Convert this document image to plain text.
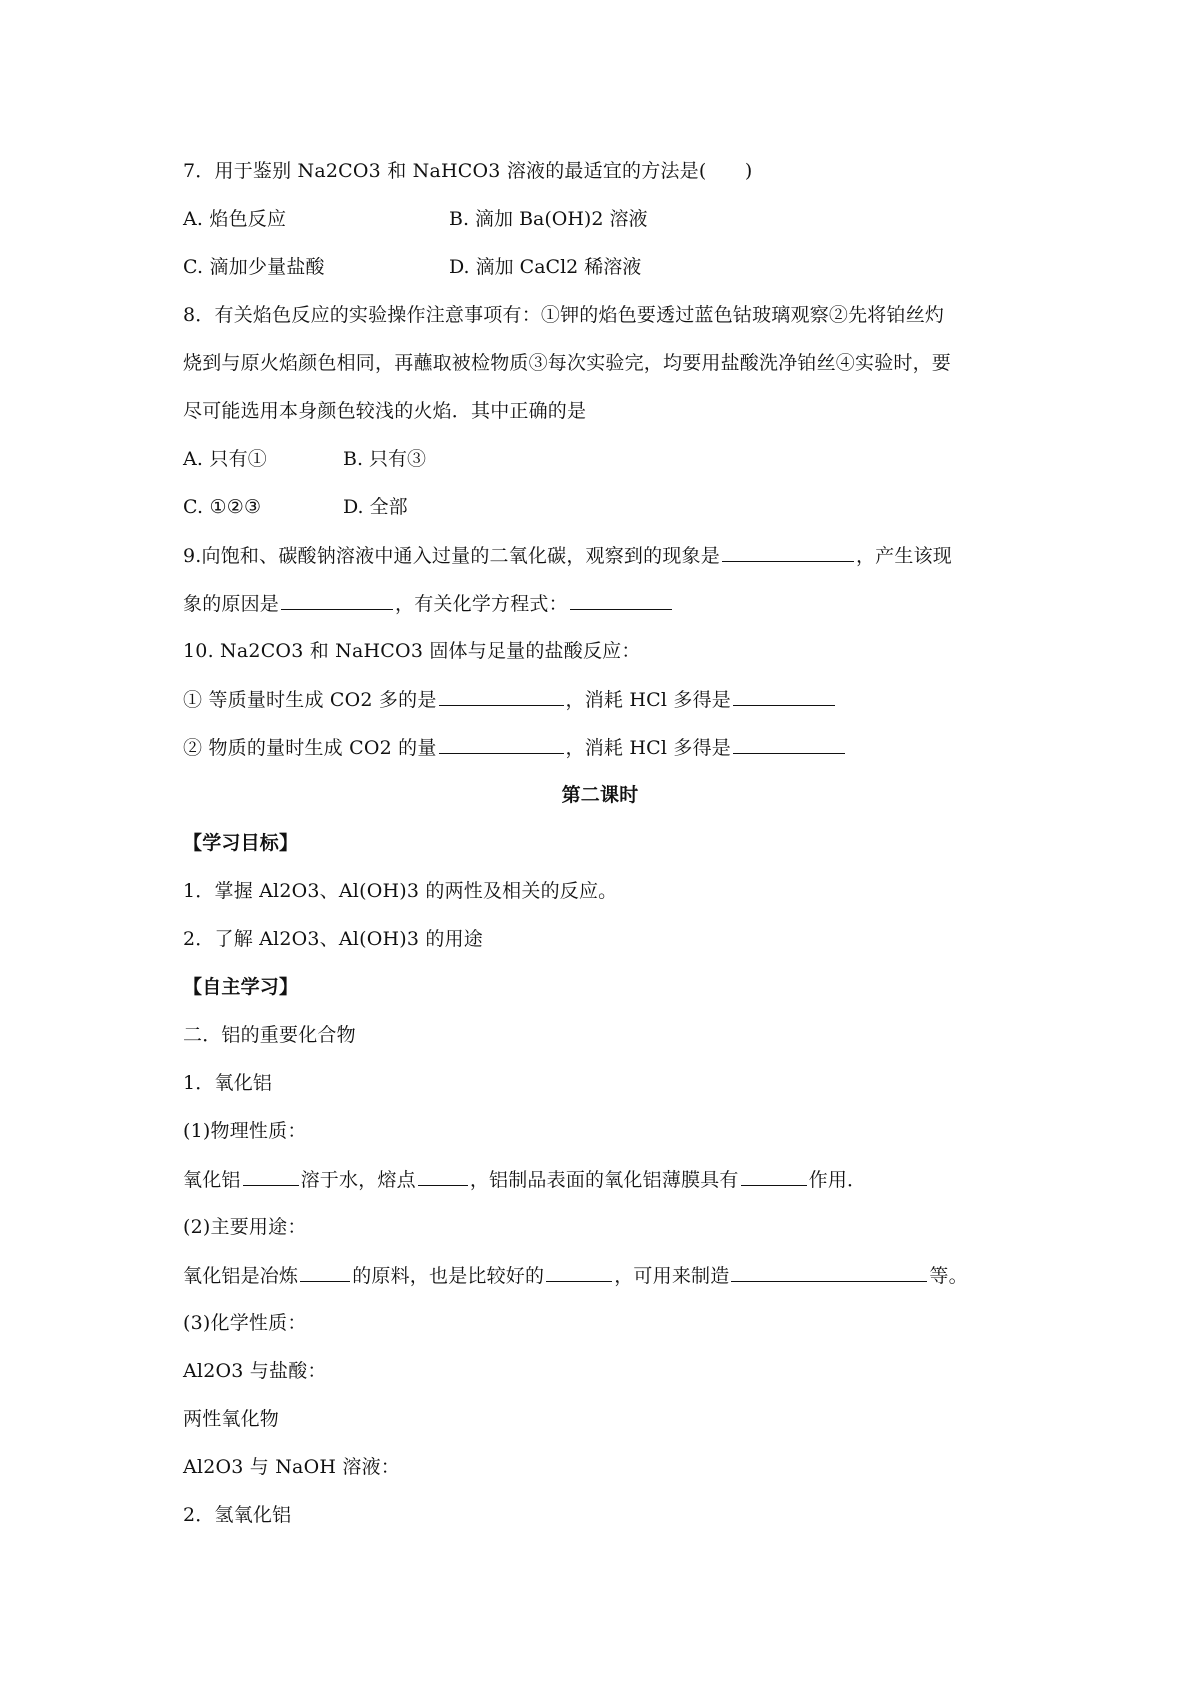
7．用于鉴别 Na2CO3 和 NaHCO3 溶液的最适宜的方法是(　　)
A. 焰色反应	B. 滴加 Ba(OH)2 溶液
C. 滴加少量盐酸	D. 滴加 CaCl2 稀溶液
8．有关焰色反应的实验操作注意事项有：①钾的焰色要透过蓝色钴玻璃观察②先将铂丝灼
烧到与原火焰颜色相同，再蘸取被检物质③每次实验完，均要用盐酸洗净铂丝④实验时，要
尽可能选用本身颜色较浅的火焰．其中正确的是
A. 只有①	B. 只有③
C. ①②③	D. 全部
9.向饱和、碳酸钠溶液中通入过量的二氧化碳，观察到的现象是	，产生该现
象的原因是	，有关化学方程式：
10. Na2CO3 和 NaHCO3 固体与足量的盐酸反应：
① 等质量时生成 CO2 多的是	，消耗 HCl 多得是
② 物质的量时生成 CO2 的量	，消耗 HCl 多得是
第二课时
【学习目标】
1．掌握 Al2O3、Al(OH)3 的两性及相关的反应。
2．了解 Al2O3、Al(OH)3 的用途
【自主学习】
二．铝的重要化合物
1．氧化铝
(1)物理性质：
氧化铝	溶于水，熔点	，铝制品表面的氧化铝薄膜具有	作用．
(2)主要用途：
氧化铝是冶炼	的原料，也是比较好的	，可用来制造	等。
(3)化学性质：
Al2O3 与盐酸：
两性氧化物
Al2O3 与 NaOH 溶液：
2．氢氧化铝
